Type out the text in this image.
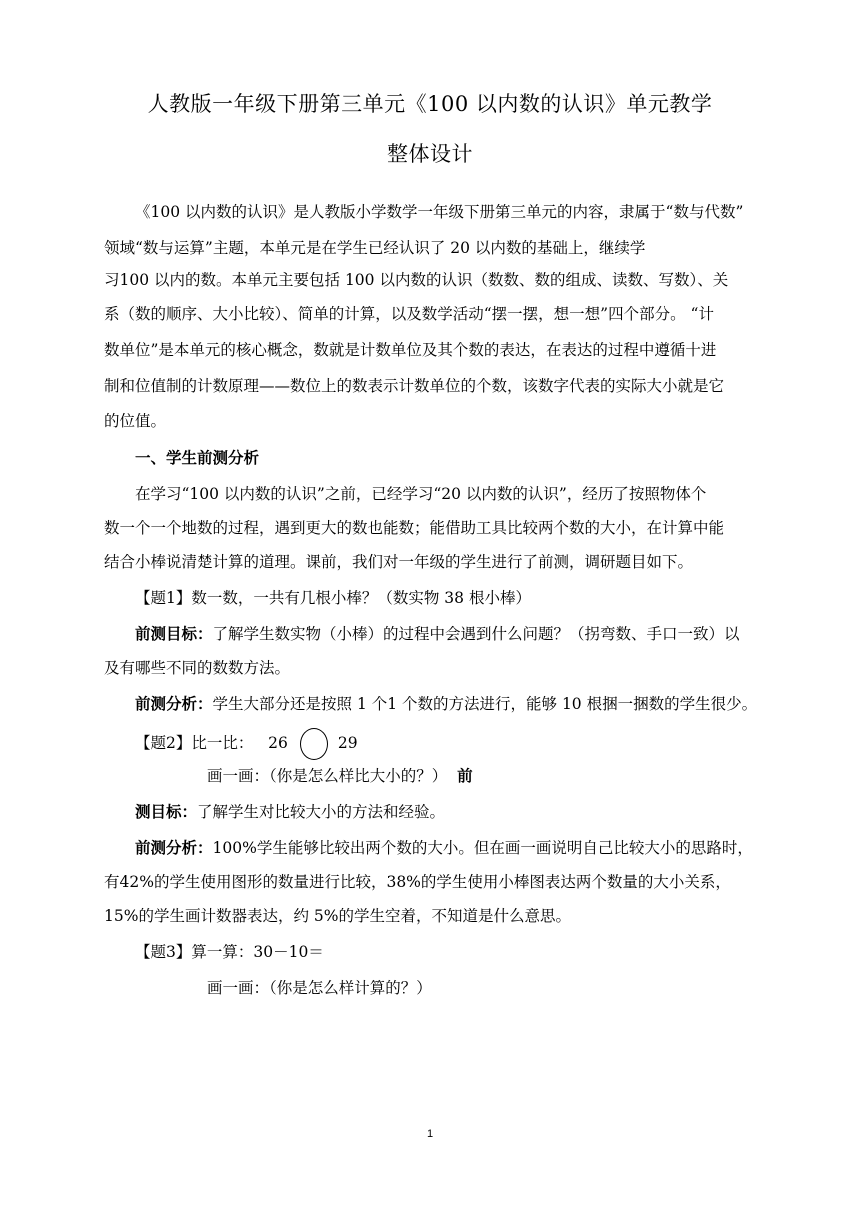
人教版一年级下册第三单元《100 以内数的认识》单元教学
整体设计
《100 以内数的认识》是人教版小学数学一年级下册第三单元的内容，隶属于“数与代数”
领域“数与运算”主题，本单元是在学生已经认识了 20 以内数的基础上，继续学
习100 以内的数。本单元主要包括 100 以内数的认识（数数、数的组成、读数、写数）、关
系（数的顺序、大小比较）、简单的计算，以及数学活动“摆一摆，想一想”四个部分。 “计
数单位”是本单元的核心概念，数就是计数单位及其个数的表达，在表达的过程中遵循十进
制和位值制的计数原理——数位上的数表示计数单位的个数，该数字代表的实际大小就是它
的位值。
一、学生前测分析
在学习“100 以内数的认识”之前，已经学习“20 以内数的认识”，经历了按照物体个
数一个一个地数的过程，遇到更大的数也能数；能借助工具比较两个数的大小，在计算中能
结合小棒说清楚计算的道理。课前，我们对一年级的学生进行了前测，调研题目如下。
【题1】数一数，一共有几根小棒？（数实物 38 根小棒）
前测目标：了解学生数实物（小棒）的过程中会遇到什么问题？（拐弯数、手口一致）以
及有哪些不同的数数方法。
前测分析：学生大部分还是按照 1 个1 个数的方法进行，能够 10 根捆一捆数的学生很少。
【题2】比一比： 26	29
画一画：（你是怎么样比大小的？） 前
测目标：了解学生对比较大小的方法和经验。
前测分析：100%学生能够比较出两个数的大小。但在画一画说明自己比较大小的思路时，
有42%的学生使用图形的数量进行比较，38%的学生使用小棒图表达两个数量的大小关系，
15%的学生画计数器表达，约 5%的学生空着，不知道是什么意思。
【题3】算一算：30－10＝
画一画：（你是怎么样计算的？）
1
